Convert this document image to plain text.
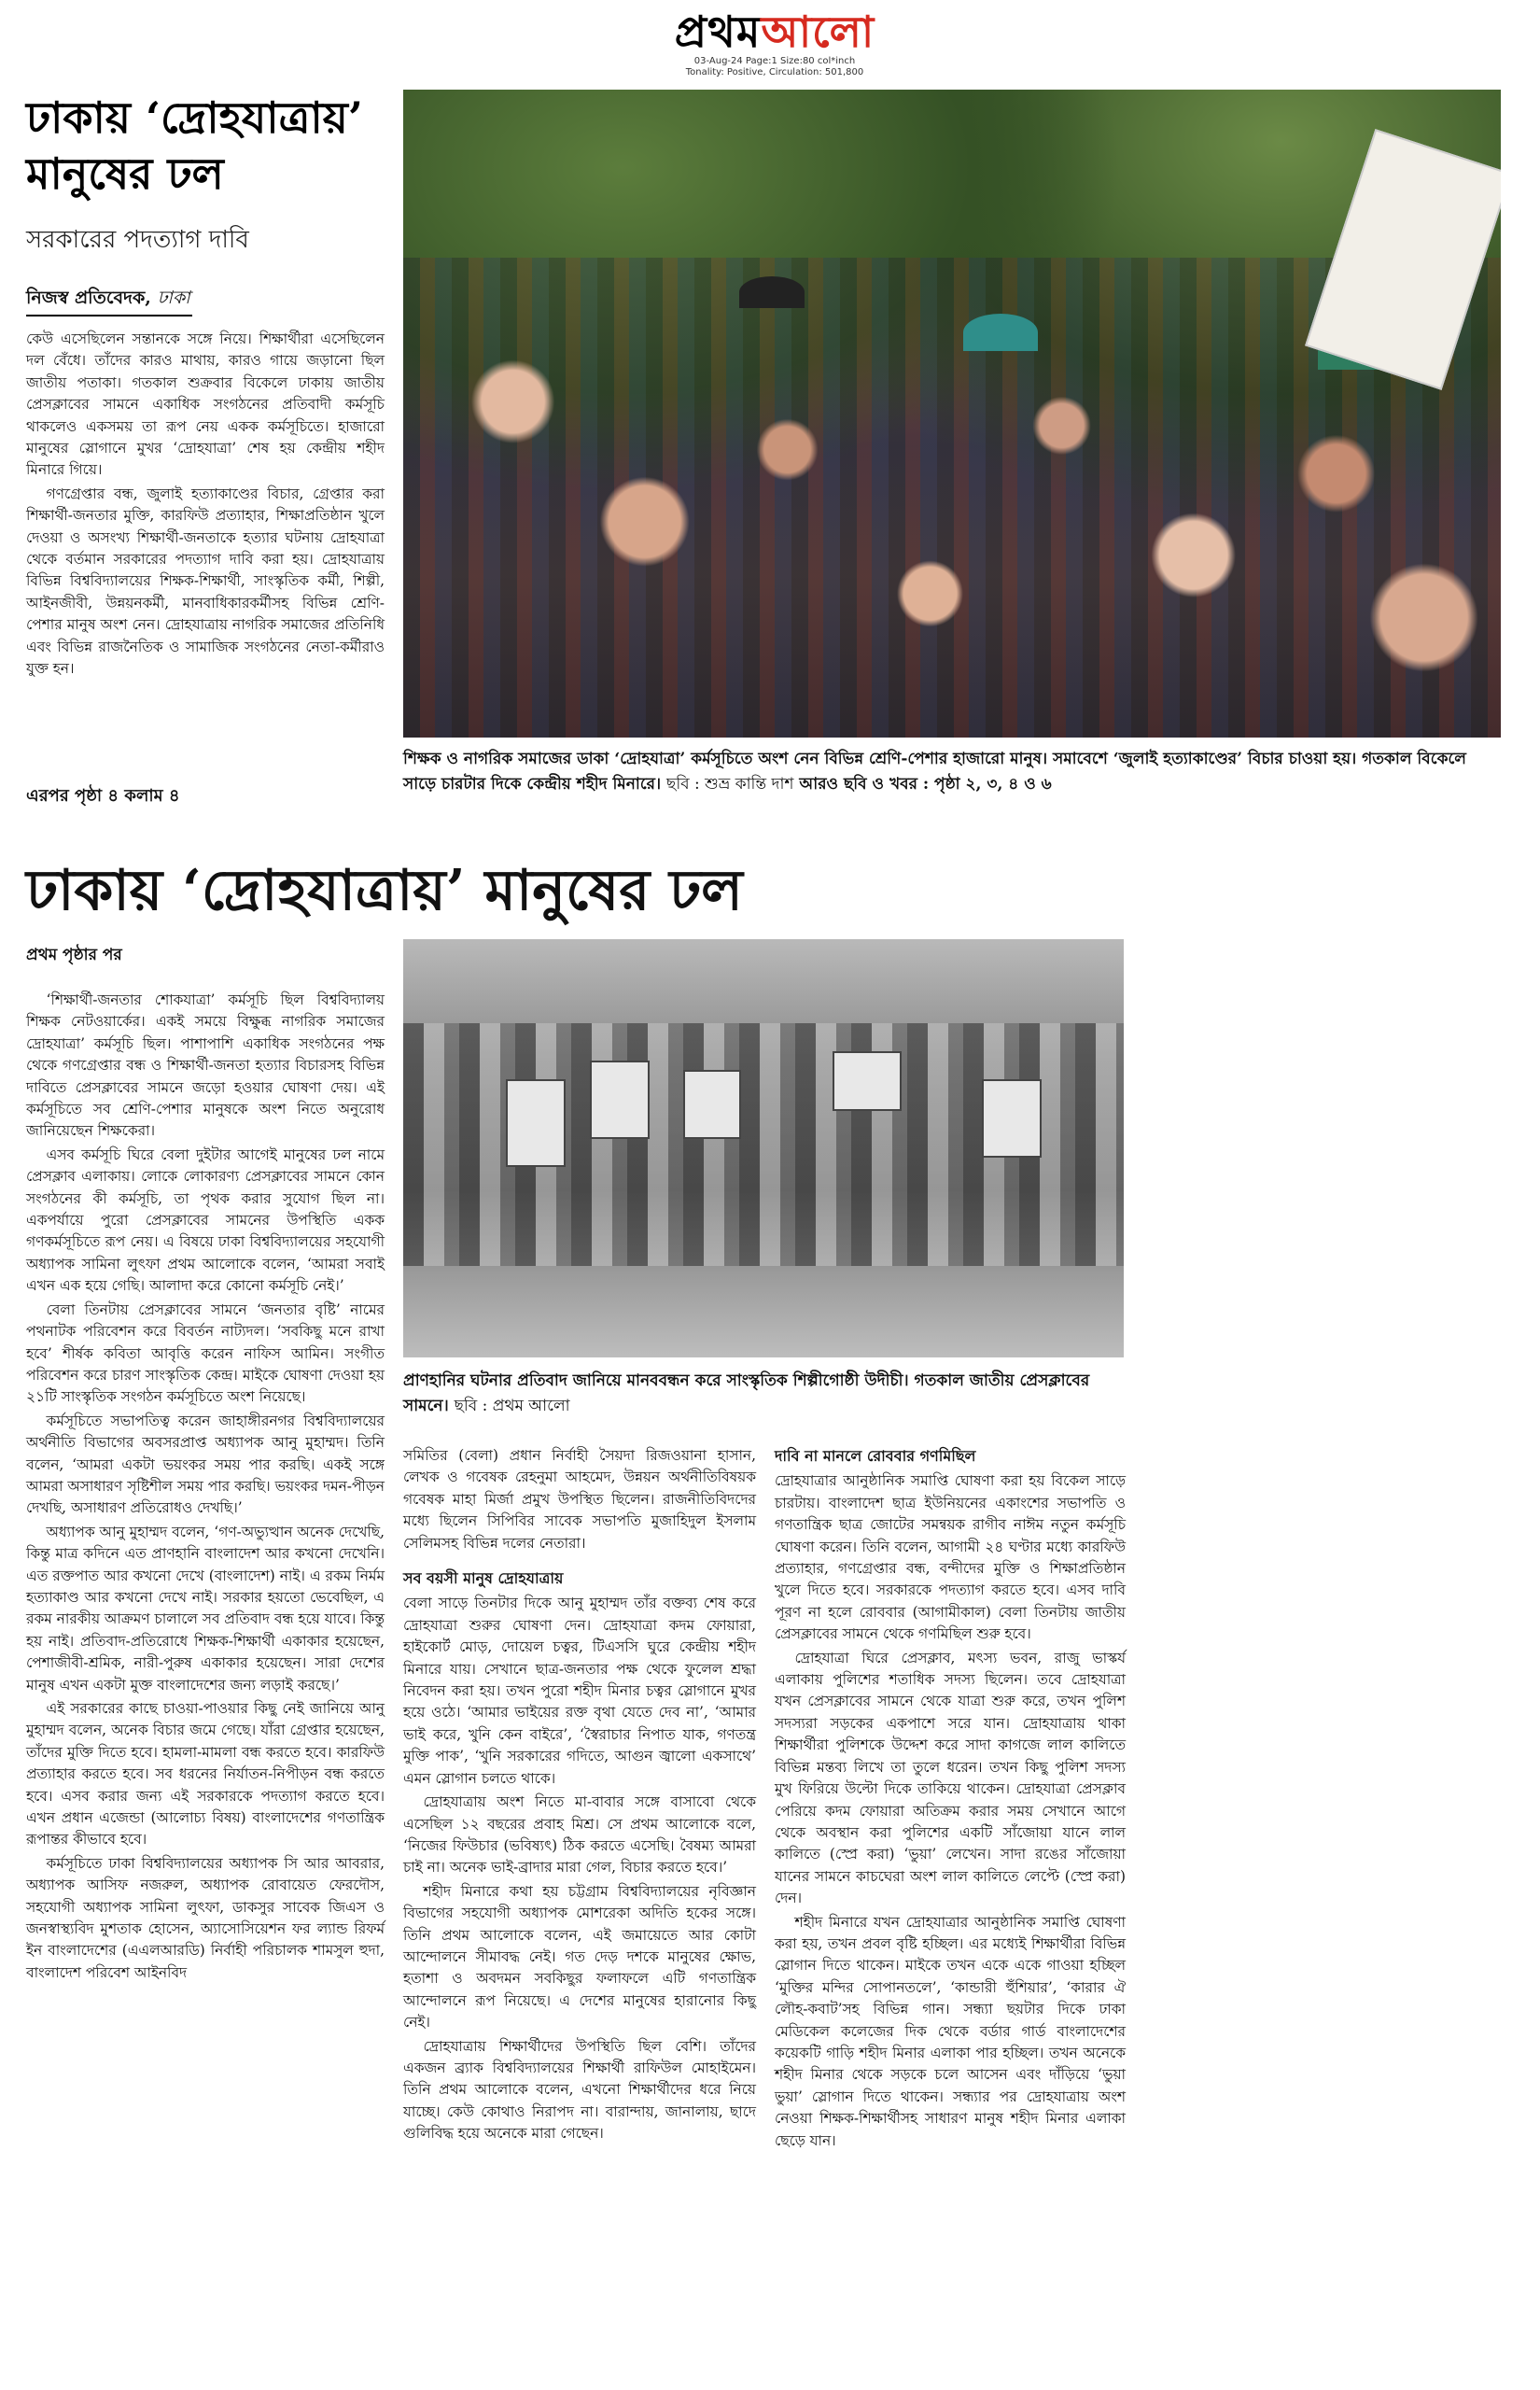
প্রথমআলো
03-Aug-24 Page:1 Size:80 col*inch
Tonality: Positive, Circulation: 501,800
ঢাকায় ‘দ্রোহযাত্রায়’ মানুষের ঢল
সরকারের পদত্যাগ দাবি
নিজস্ব প্রতিবেদক, ঢাকা

কেউ এসেছিলেন সন্তানকে সঙ্গে নিয়ে। শিক্ষার্থীরা এসেছিলেন দল বেঁধে। তাঁদের কারও মাথায়, কারও গায়ে জড়ানো ছিল জাতীয় পতাকা। গতকাল শুক্রবার বিকেলে ঢাকায় জাতীয় প্রেসক্লাবের সামনে একাধিক সংগঠনের প্রতিবাদী কর্মসূচি থাকলেও একসময় তা রূপ নেয় একক কর্মসূচিতে। হাজারো মানুষের স্লোগানে মুখর ‘দ্রোহযাত্রা’ শেষ হয় কেন্দ্রীয় শহীদ মিনারে গিয়ে।

গণগ্রেপ্তার বন্ধ, জুলাই হত্যাকাণ্ডের বিচার, গ্রেপ্তার করা শিক্ষার্থী-জনতার মুক্তি, কারফিউ প্রত্যাহার, শিক্ষাপ্রতিষ্ঠান খুলে দেওয়া ও অসংখ্য শিক্ষার্থী-জনতাকে হত্যার ঘটনায় দ্রোহযাত্রা থেকে বর্তমান সরকারের পদত্যাগ দাবি করা হয়। দ্রোহযাত্রায় বিভিন্ন বিশ্ববিদ্যালয়ের শিক্ষক-শিক্ষার্থী, সাংস্কৃতিক কর্মী, শিল্পী, আইনজীবী, উন্নয়নকর্মী, মানবাধিকারকর্মীসহ বিভিন্ন শ্রেণি-পেশার মানুষ অংশ নেন। দ্রোহযাত্রায় নাগরিক সমাজের প্রতিনিধি এবং বিভিন্ন রাজনৈতিক ও সামাজিক সংগঠনের নেতা-কর্মীরাও যুক্ত হন।

এরপর পৃষ্ঠা ৪ কলাম ৪
শিক্ষক ও নাগরিক সমাজের ডাকা ‘দ্রোহযাত্রা’ কর্মসূচিতে অংশ নেন বিভিন্ন শ্রেণি-পেশার হাজারো মানুষ। সমাবেশে ‘জুলাই হত্যাকাণ্ডের’ বিচার চাওয়া হয়। গতকাল বিকেলে সাড়ে চারটার দিকে কেন্দ্রীয় শহীদ মিনারে। ছবি : শুভ্র কান্তি দাশ আরও ছবি ও খবর : পৃষ্ঠা ২, ৩, ৪ ও ৬
ঢাকায় ‘দ্রোহযাত্রায়’ মানুষের ঢল
প্রথম পৃষ্ঠার পর

‘শিক্ষার্থী-জনতার শোকযাত্রা’ কর্মসূচি ছিল বিশ্ববিদ্যালয় শিক্ষক নেটওয়ার্কের। একই সময়ে বিক্ষুব্ধ নাগরিক সমাজের দ্রোহযাত্রা’ কর্মসূচি ছিল। পাশাপাশি একাধিক সংগঠনের পক্ষ থেকে গণগ্রেপ্তার বন্ধ ও শিক্ষার্থী-জনতা হত্যার বিচারসহ বিভিন্ন দাবিতে প্রেসক্লাবের সামনে জড়ো হওয়ার ঘোষণা দেয়। এই কর্মসূচিতে সব শ্রেণি-পেশার মানুষকে অংশ নিতে অনুরোধ জানিয়েছেন শিক্ষকেরা।

এসব কর্মসূচি ঘিরে বেলা দুইটার আগেই মানুষের ঢল নামে প্রেসক্লাব এলাকায়। লোকে লোকারণ্য প্রেসক্লাবের সামনে কোন সংগঠনের কী কর্মসূচি, তা পৃথক করার সুযোগ ছিল না। একপর্যায়ে পুরো প্রেসক্লাবের সামনের উপস্থিতি একক গণকর্মসূচিতে রূপ নেয়। এ বিষয়ে ঢাকা বিশ্ববিদ্যালয়ের সহযোগী অধ্যাপক সামিনা লুৎফা প্রথম আলোকে বলেন, ‘আমরা সবাই এখন এক হয়ে গেছি। আলাদা করে কোনো কর্মসূচি নেই।’

বেলা তিনটায় প্রেসক্লাবের সামনে ‘জনতার বৃষ্টি’ নামের পথনাটক পরিবেশন করে বিবর্তন নাট্যদল। ‘সবকিছু মনে রাখা হবে’ শীর্ষক কবিতা আবৃত্তি করেন নাফিস আমিন। সংগীত পরিবেশন করে চারণ সাংস্কৃতিক কেন্দ্র। মাইকে ঘোষণা দেওয়া হয় ২১টি সাংস্কৃতিক সংগঠন কর্মসূচিতে অংশ নিয়েছে।

কর্মসূচিতে সভাপতিত্ব করেন জাহাঙ্গীরনগর বিশ্ববিদ্যালয়ের অর্থনীতি বিভাগের অবসরপ্রাপ্ত অধ্যাপক আনু মুহাম্মদ। তিনি বলেন, ‘আমরা একটা ভয়ংকর সময় পার করছি। একই সঙ্গে আমরা অসাধারণ সৃষ্টিশীল সময় পার করছি। ভয়ংকর দমন-পীড়ন দেখছি, অসাধারণ প্রতিরোধও দেখছি।’

অধ্যাপক আনু মুহাম্মদ বলেন, ‘গণ-অভ্যুত্থান অনেক দেখেছি, কিন্তু মাত্র কদিনে এত প্রাণহানি বাংলাদেশ আর কখনো দেখেনি। এত রক্তপাত আর কখনো দেখে (বাংলাদেশ) নাই। এ রকম নির্মম হত্যাকাণ্ড আর কখনো দেখে নাই। সরকার হয়তো ভেবেছিল, এ রকম নারকীয় আক্রমণ চালালে সব প্রতিবাদ বন্ধ হয়ে যাবে। কিন্তু হয় নাই। প্রতিবাদ-প্রতিরোধে শিক্ষক-শিক্ষার্থী একাকার হয়েছেন, পেশাজীবী-শ্রমিক, নারী-পুরুষ একাকার হয়েছেন। সারা দেশের মানুষ এখন একটা মুক্ত বাংলাদেশের জন্য লড়াই করছে।’

এই সরকারের কাছে চাওয়া-পাওয়ার কিছু নেই জানিয়ে আনু মুহাম্মদ বলেন, অনেক বিচার জমে গেছে। যাঁরা গ্রেপ্তার হয়েছেন, তাঁদের মুক্তি দিতে হবে। হামলা-মামলা বন্ধ করতে হবে। কারফিউ প্রত্যাহার করতে হবে। সব ধরনের নির্যাতন-নিপীড়ন বন্ধ করতে হবে। এসব করার জন্য এই সরকারকে পদত্যাগ করতে হবে। এখন প্রধান এজেন্ডা (আলোচ্য বিষয়) বাংলাদেশের গণতান্ত্রিক রূপান্তর কীভাবে হবে।

কর্মসূচিতে ঢাকা বিশ্ববিদ্যালয়ের অধ্যাপক সি আর আবরার, অধ্যাপক আসিফ নজরুল, অধ্যাপক রোবায়েত ফেরদৌস, সহযোগী অধ্যাপক সামিনা লুৎফা, ডাকসুর সাবেক জিএস ও জনস্বাস্থ্যবিদ মুশতাক হোসেন, অ্যাসোসিয়েশন ফর ল্যান্ড রিফর্ম ইন বাংলাদেশের (এএলআরডি) নির্বাহী পরিচালক শামসুল হুদা, বাংলাদেশ পরিবেশ আইনবিদ

প্রাণহানির ঘটনার প্রতিবাদ জানিয়ে মানববন্ধন করে সাংস্কৃতিক শিল্পীগোষ্ঠী উদীচী। গতকাল জাতীয় প্রেসক্লাবের সামনে। ছবি : প্রথম আলো

সমিতির (বেলা) প্রধান নির্বাহী সৈয়দা রিজওয়ানা হাসান, লেখক ও গবেষক রেহনুমা আহমেদ, উন্নয়ন অর্থনীতিবিষয়ক গবেষক মাহা মির্জা প্রমুখ উপস্থিত ছিলেন। রাজনীতিবিদদের মধ্যে ছিলেন সিপিবির সাবেক সভাপতি মুজাহিদুল ইসলাম সেলিমসহ বিভিন্ন দলের নেতারা।

সব বয়সী মানুষ দ্রোহযাত্রায়

বেলা সাড়ে তিনটার দিকে আনু মুহাম্মদ তাঁর বক্তব্য শেষ করে দ্রোহযাত্রা শুরুর ঘোষণা দেন। দ্রোহযাত্রা কদম ফোয়ারা, হাইকোর্ট মোড়, দোয়েল চত্বর, টিএসসি ঘুরে কেন্দ্রীয় শহীদ মিনারে যায়। সেখানে ছাত্র-জনতার পক্ষ থেকে ফুলেল শ্রদ্ধা নিবেদন করা হয়। তখন পুরো শহীদ মিনার চত্বর স্লোগানে মুখর হয়ে ওঠে। ‘আমার ভাইয়ের রক্ত বৃথা যেতে দেব না’, ‘আমার ভাই করে, খুনি কেন বাইরে’, ‘স্বৈরাচার নিপাত যাক, গণতন্ত্র মুক্তি পাক’, ‘খুনি সরকারের গদিতে, আগুন জ্বালো একসাথে’ এমন স্লোগান চলতে থাকে।

দ্রোহযাত্রায় অংশ নিতে মা-বাবার সঙ্গে বাসাবো থেকে এসেছিল ১২ বছরের প্রবাহ মিশ্র। সে প্রথম আলোকে বলে, ‘নিজের ফিউচার (ভবিষ্যৎ) ঠিক করতে এসেছি। বৈষম্য আমরা চাই না। অনেক ভাই-ব্রাদার মারা গেল, বিচার করতে হবে।’

শহীদ মিনারে কথা হয় চট্টগ্রাম বিশ্ববিদ্যালয়ের নৃবিজ্ঞান বিভাগের সহযোগী অধ্যাপক মোশরেকা অদিতি হকের সঙ্গে। তিনি প্রথম আলোকে বলেন, এই জমায়েতে আর কোটা আন্দোলনে সীমাবদ্ধ নেই। গত দেড় দশকে মানুষের ক্ষোভ, হতাশা ও অবদমন সবকিছুর ফলাফলে এটি গণতান্ত্রিক আন্দোলনে রূপ নিয়েছে। এ দেশের মানুষের হারানোর কিছু নেই।

দ্রোহযাত্রায় শিক্ষার্থীদের উপস্থিতি ছিল বেশি। তাঁদের একজন ব্র্যাক বিশ্ববিদ্যালয়ের শিক্ষার্থী রাফিউল মোহাইমেন। তিনি প্রথম আলোকে বলেন, এখনো শিক্ষার্থীদের ধরে নিয়ে যাচ্ছে। কেউ কোথাও নিরাপদ না। বারান্দায়, জানালায়, ছাদে গুলিবিদ্ধ হয়ে অনেকে মারা গেছেন।

দাবি না মানলে রোববার গণমিছিল

দ্রোহযাত্রার আনুষ্ঠানিক সমাপ্তি ঘোষণা করা হয় বিকেল সাড়ে চারটায়। বাংলাদেশ ছাত্র ইউনিয়নের একাংশের সভাপতি ও গণতান্ত্রিক ছাত্র জোটের সমন্বয়ক রাগীব নাঈম নতুন কর্মসূচি ঘোষণা করেন। তিনি বলেন, আগামী ২৪ ঘণ্টার মধ্যে কারফিউ প্রত্যাহার, গণগ্রেপ্তার বন্ধ, বন্দীদের মুক্তি ও শিক্ষাপ্রতিষ্ঠান খুলে দিতে হবে। সরকারকে পদত্যাগ করতে হবে। এসব দাবি পূরণ না হলে রোববার (আগামীকাল) বেলা তিনটায় জাতীয় প্রেসক্লাবের সামনে থেকে গণমিছিল শুরু হবে।

দ্রোহযাত্রা ঘিরে প্রেসক্লাব, মৎস্য ভবন, রাজু ভাস্কর্য এলাকায় পুলিশের শতাধিক সদস্য ছিলেন। তবে দ্রোহযাত্রা যখন প্রেসক্লাবের সামনে থেকে যাত্রা শুরু করে, তখন পুলিশ সদস্যরা সড়কের একপাশে সরে যান। দ্রোহযাত্রায় থাকা শিক্ষার্থীরা পুলিশকে উদ্দেশ করে সাদা কাগজে লাল কালিতে বিভিন্ন মন্তব্য লিখে তা তুলে ধরেন। তখন কিছু পুলিশ সদস্য মুখ ফিরিয়ে উল্টো দিকে তাকিয়ে থাকেন। দ্রোহযাত্রা প্রেসক্লাব পেরিয়ে কদম ফোয়ারা অতিক্রম করার সময় সেখানে আগে থেকে অবস্থান করা পুলিশের একটি সাঁজোয়া যানে লাল কালিতে (স্প্রে করা) ‘ভুয়া’ লেখেন। সাদা রঙের সাঁজোয়া যানের সামনে কাচঘেরা অংশ লাল কালিতে লেপ্টে (স্প্রে করা) দেন।

শহীদ মিনারে যখন দ্রোহযাত্রার আনুষ্ঠানিক সমাপ্তি ঘোষণা করা হয়, তখন প্রবল বৃষ্টি হচ্ছিল। এর মধ্যেই শিক্ষার্থীরা বিভিন্ন স্লোগান দিতে থাকেন। মাইকে তখন একে একে গাওয়া হচ্ছিল ‘মুক্তির মন্দির সোপানতলে’, ‘কান্ডারী হুঁশিয়ার’, ‘কারার ঐ লৌহ-কবাট’সহ বিভিন্ন গান। সন্ধ্যা ছয়টার দিকে ঢাকা মেডিকেল কলেজের দিক থেকে বর্ডার গার্ড বাংলাদেশের কয়েকটি গাড়ি শহীদ মিনার এলাকা পার হচ্ছিল। তখন অনেকে শহীদ মিনার থেকে সড়কে চলে আসেন এবং দাঁড়িয়ে ‘ভুয়া ভুয়া’ স্লোগান দিতে থাকেন। সন্ধ্যার পর দ্রোহযাত্রায় অংশ নেওয়া শিক্ষক-শিক্ষার্থীসহ সাধারণ মানুষ শহীদ মিনার এলাকা ছেড়ে যান।
